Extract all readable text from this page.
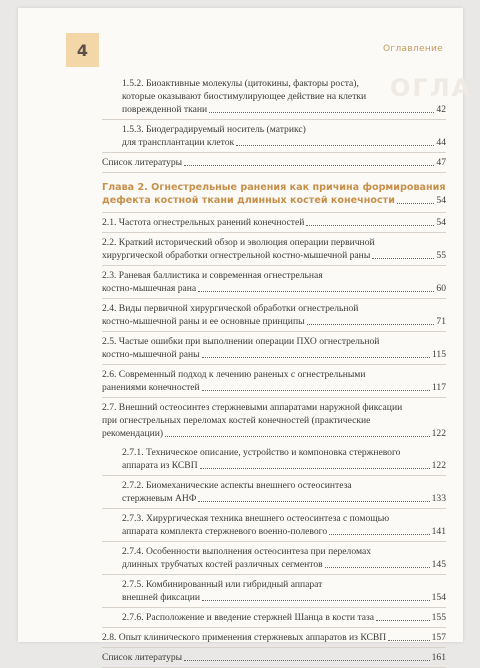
4	Оглавление
ОГЛА
1.5.2. Биоактивные молекулы (цитокины, факторы роста),
которые оказывают биостимулирующее действие на клетки
поврежденной ткани	42
1.5.3. Биодеградируемый носитель (матрикс)
для трансплантации клеток	44
Список литературы	47
Глава 2. Огнестрельные ранения как причина формирования
дефекта костной ткани длинных костей конечности	54
2.1. Частота огнестрельных ранений конечностей	54
2.2. Краткий исторический обзор и эволюция операции первичной
хирургической обработки огнестрельной костно-мышечной раны	55
2.3. Раневая баллистика и современная огнестрельная
костно-мышечная рана	60
2.4. Виды первичной хирургической обработки огнестрельной
костно-мышечной раны и ее основные принципы	71
2.5. Частые ошибки при выполнении операции ПХО огнестрельной
костно-мышечной раны	115
2.6. Современный подход к лечению раненых с огнестрельными
ранениями конечностей	117
2.7. Внешний остеосинтез стержневыми аппаратами наружной фиксации
при огнестрельных переломах костей конечностей (практические
рекомендации)	122
2.7.1. Техническое описание, устройство и компоновка стержневого
аппарата из КСВП	122
2.7.2. Биомеханические аспекты внешнего остеосинтеза
стержневым АНФ	133
2.7.3. Хирургическая техника внешнего остеосинтеза с помощью
аппарата комплекта стержневого военно-полевого	141
2.7.4. Особенности выполнения остеосинтеза при переломах
длинных трубчатых костей различных сегментов	145
2.7.5. Комбинированный или гибридный аппарат
внешней фиксации	154
2.7.6. Расположение и введение стержней Шанца в кости таза	155
2.8. Опыт клинического применения стержневых аппаратов из КСВП	157
Список литературы	161
